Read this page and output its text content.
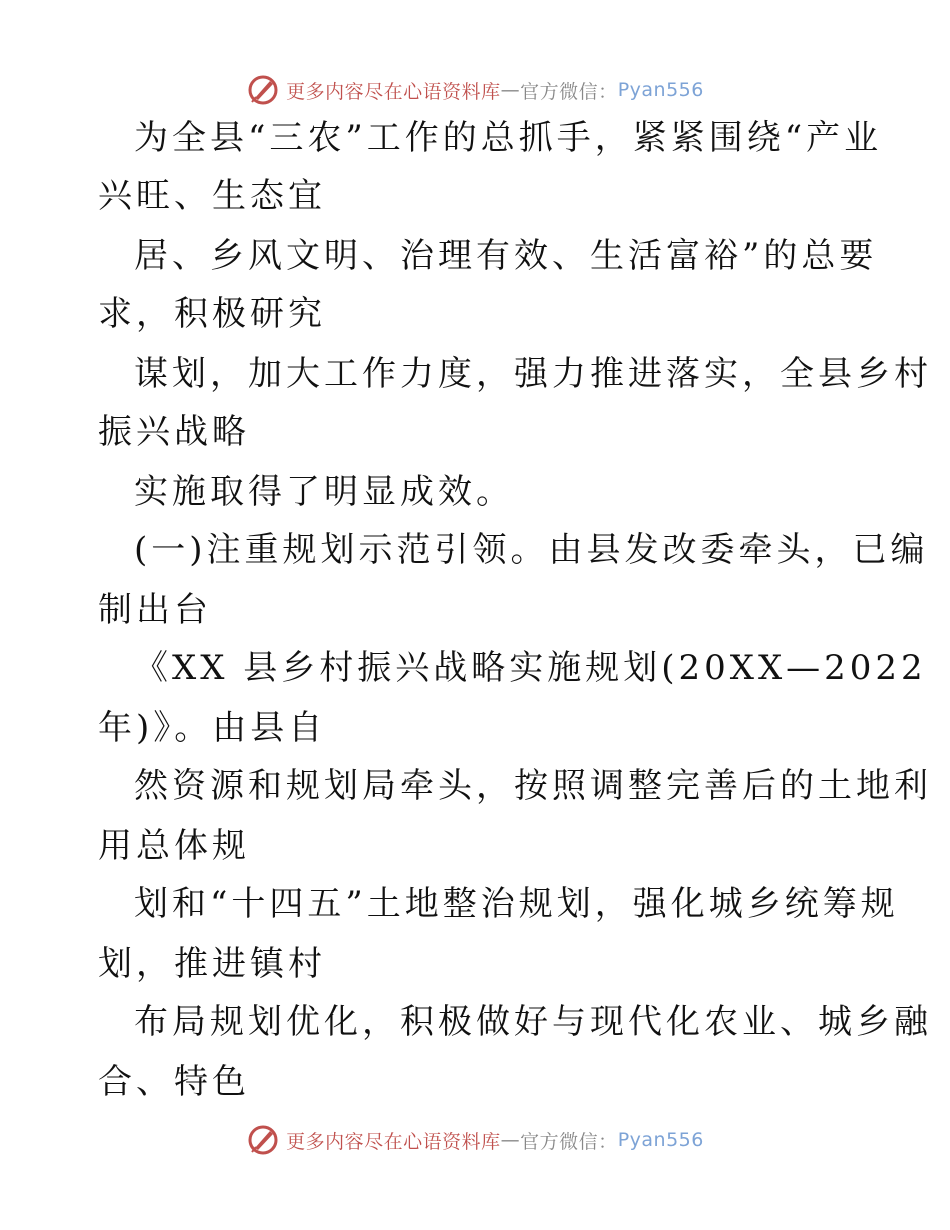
更多内容尽在心语资料库 — 官方微信： Pyan556
为全县“三农”工作的总抓手，紧紧围绕“产业
兴旺、生态宜
居、乡风文明、治理有效、生活富裕”的总要
求，积极研究
谋划，加大工作力度，强力推进落实，全县乡村
振兴战略
实施取得了明显成效。
(一)注重规划示范引领。由县发改委牵头，已编
制出台
《XX 县乡村振兴战略实施规划(20XX—2022
年)》。由县自
然资源和规划局牵头，按照调整完善后的土地利
用总体规
划和“十四五”土地整治规划，强化城乡统筹规
划，推进镇村
布局规划优化，积极做好与现代化农业、城乡融
合、特色
更多内容尽在心语资料库 — 官方微信： Pyan556
